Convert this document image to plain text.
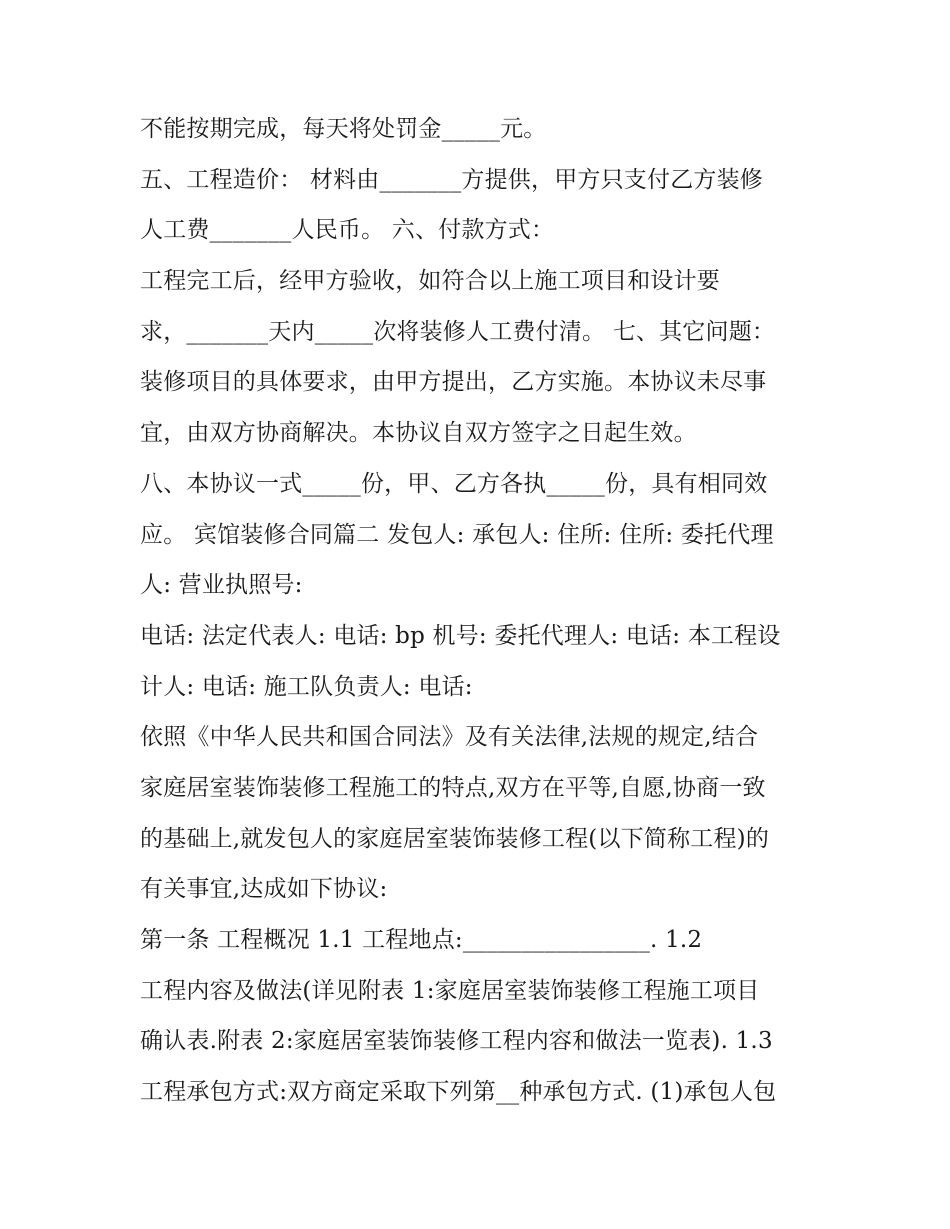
不能按期完成，每天将处罚金_____元。
五、工程造价： 材料由_______方提供，甲方只支付乙方装修
人工费_______人民币。 六、付款方式：
工程完工后，经甲方验收，如符合以上施工项目和设计要
求，_______天内_____次将装修人工费付清。 七、其它问题：
装修项目的具体要求，由甲方提出，乙方实施。本协议未尽事
宜，由双方协商解决。本协议自双方签字之日起生效。
八、本协议一式_____份，甲、乙方各执_____份，具有相同效
应。 宾馆装修合同篇二 发包人: 承包人: 住所: 住所: 委托代理
人: 营业执照号:
电话: 法定代表人: 电话: bp 机号: 委托代理人: 电话: 本工程设
计人: 电话: 施工队负责人: 电话:
依照《中华人民共和国合同法》及有关法律,法规的规定,结合
家庭居室装饰装修工程施工的特点,双方在平等,自愿,协商一致
的基础上,就发包人的家庭居室装饰装修工程(以下简称工程)的
有关事宜,达成如下协议:
第一条 工程概况 1.1 工程地点:________________. 1.2
工程内容及做法(详见附表 1:家庭居室装饰装修工程施工项目
确认表.附表 2:家庭居室装饰装修工程内容和做法一览表). 1.3
工程承包方式:双方商定采取下列第__种承包方式. (1)承包人包
